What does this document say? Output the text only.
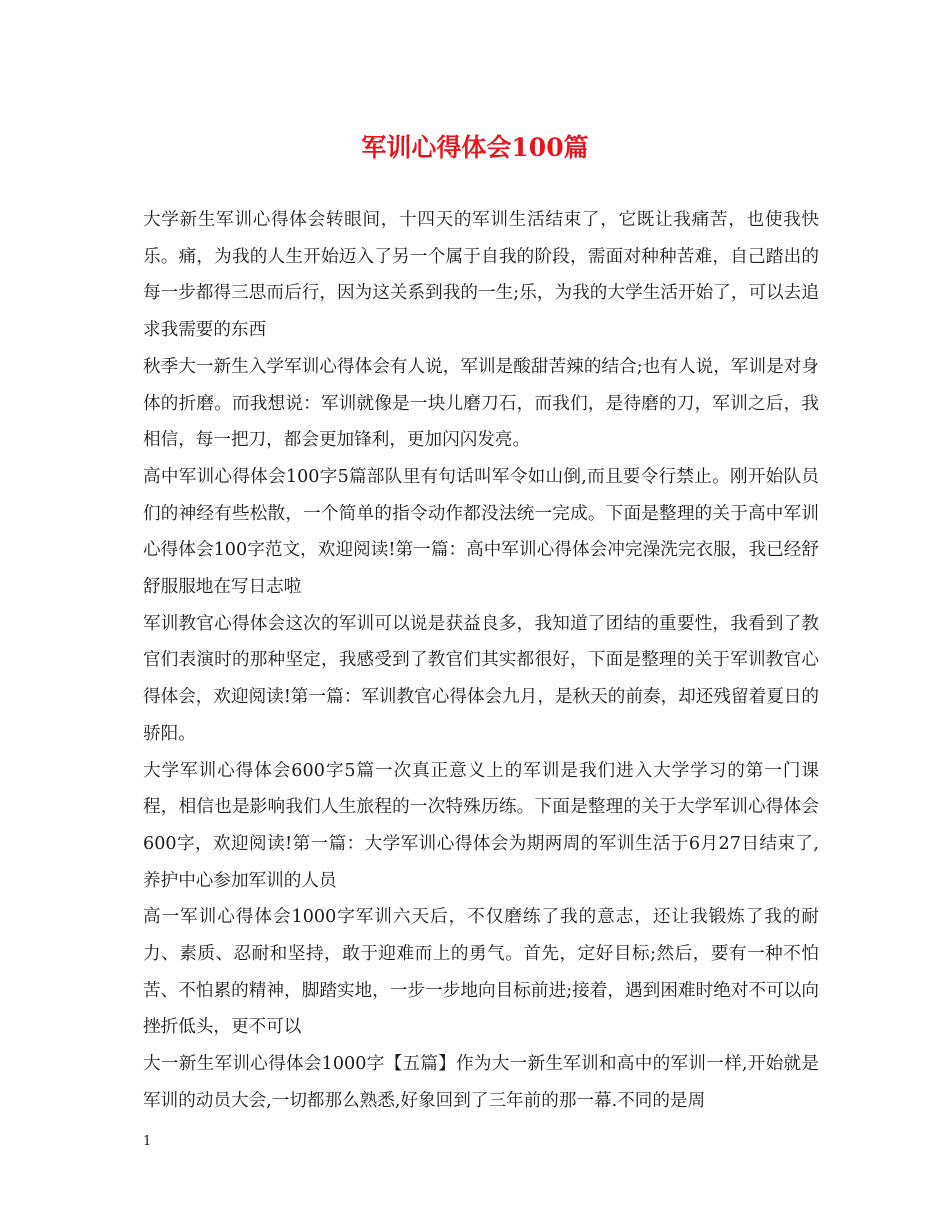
军训心得体会100篇

大学新生军训心得体会转眼间，十四天的军训生活结束了，它既让我痛苦，也使我快乐。痛，为我的人生开始迈入了另一个属于自我的阶段，需面对种种苦难，自己踏出的每一步都得三思而后行，因为这关系到我的一生;乐，为我的大学生活开始了，可以去追求我需要的东西

秋季大一新生入学军训心得体会有人说，军训是酸甜苦辣的结合;也有人说，军训是对身体的折磨。而我想说：军训就像是一块儿磨刀石，而我们，是待磨的刀，军训之后，我相信，每一把刀，都会更加锋利，更加闪闪发亮。

高中军训心得体会100字5篇部队里有句话叫军令如山倒,而且要令行禁止。刚开始队员们的神经有些松散，一个简单的指令动作都没法统一完成。下面是整理的关于高中军训心得体会100字范文，欢迎阅读!第一篇：高中军训心得体会冲完澡洗完衣服，我已经舒舒服服地在写日志啦

军训教官心得体会这次的军训可以说是获益良多，我知道了团结的重要性，我看到了教官们表演时的那种坚定，我感受到了教官们其实都很好，下面是整理的关于军训教官心得体会，欢迎阅读!第一篇：军训教官心得体会九月，是秋天的前奏，却还残留着夏日的骄阳。

大学军训心得体会600字5篇一次真正意义上的军训是我们进入大学学习的第一门课程，相信也是影响我们人生旅程的一次特殊历练。下面是整理的关于大学军训心得体会600字，欢迎阅读!第一篇：大学军训心得体会为期两周的军训生活于6月27日结束了,养护中心参加军训的人员

高一军训心得体会1000字军训六天后，不仅磨练了我的意志，还让我锻炼了我的耐力、素质、忍耐和坚持，敢于迎难而上的勇气。首先，定好目标;然后，要有一种不怕苦、不怕累的精神，脚踏实地，一步一步地向目标前进;接着，遇到困难时绝对不可以向挫折低头，更不可以

大一新生军训心得体会1000字【五篇】作为大一新生军训和高中的军训一样,开始就是军训的动员大会,一切都那么熟悉,好象回到了三年前的那一幕.不同的是周

1
